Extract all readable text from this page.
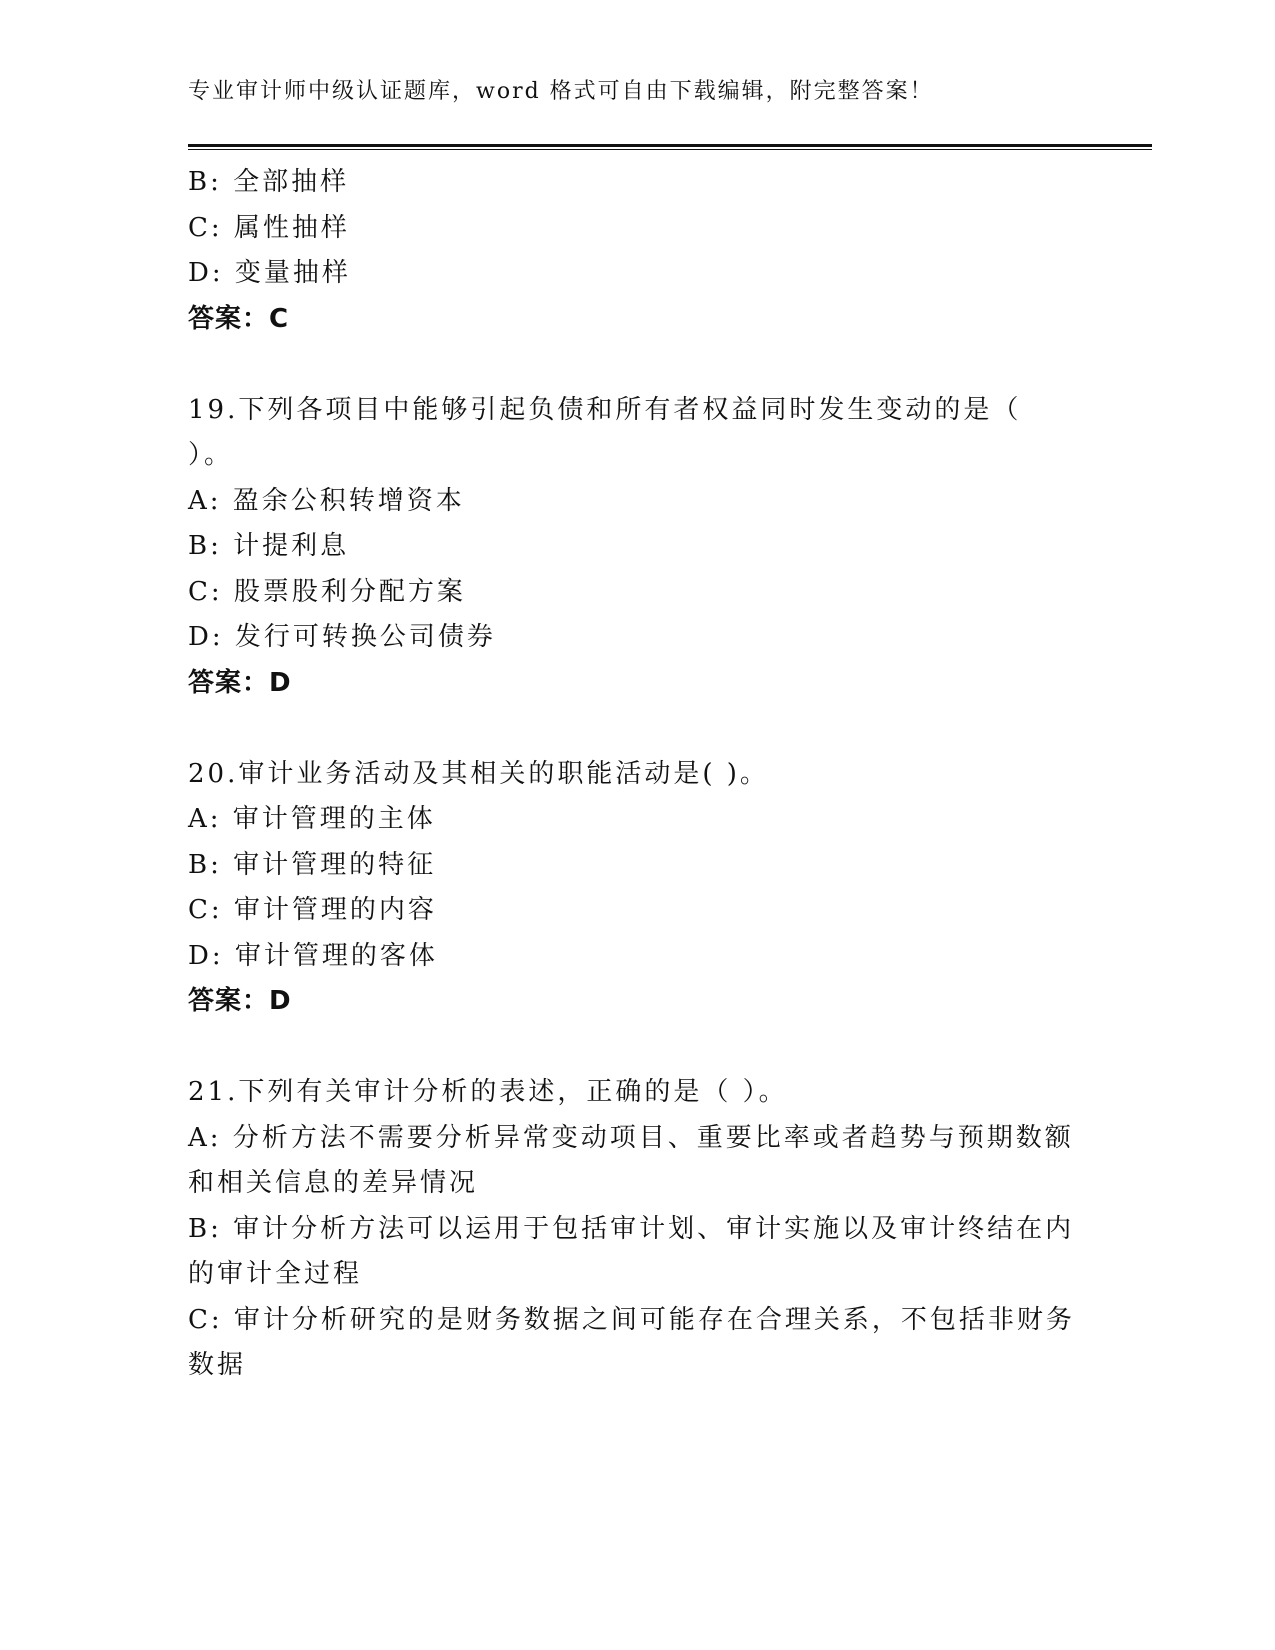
专业审计师中级认证题库，word 格式可自由下载编辑，附完整答案！
B: 全部抽样
C: 属性抽样
D: 变量抽样
答案：C
19.下列各项目中能够引起负债和所有者权益同时发生变动的是（
）。
A: 盈余公积转增资本
B: 计提利息
C: 股票股利分配方案
D: 发行可转换公司债券
答案：D
20.审计业务活动及其相关的职能活动是( )。
A: 审计管理的主体
B: 审计管理的特征
C: 审计管理的内容
D: 审计管理的客体
答案：D
21.下列有关审计分析的表述，正确的是（ ）。
A: 分析方法不需要分析异常变动项目、重要比率或者趋势与预期数额
和相关信息的差异情况
B: 审计分析方法可以运用于包括审计划、审计实施以及审计终结在内
的审计全过程
C: 审计分析研究的是财务数据之间可能存在合理关系，不包括非财务
数据
